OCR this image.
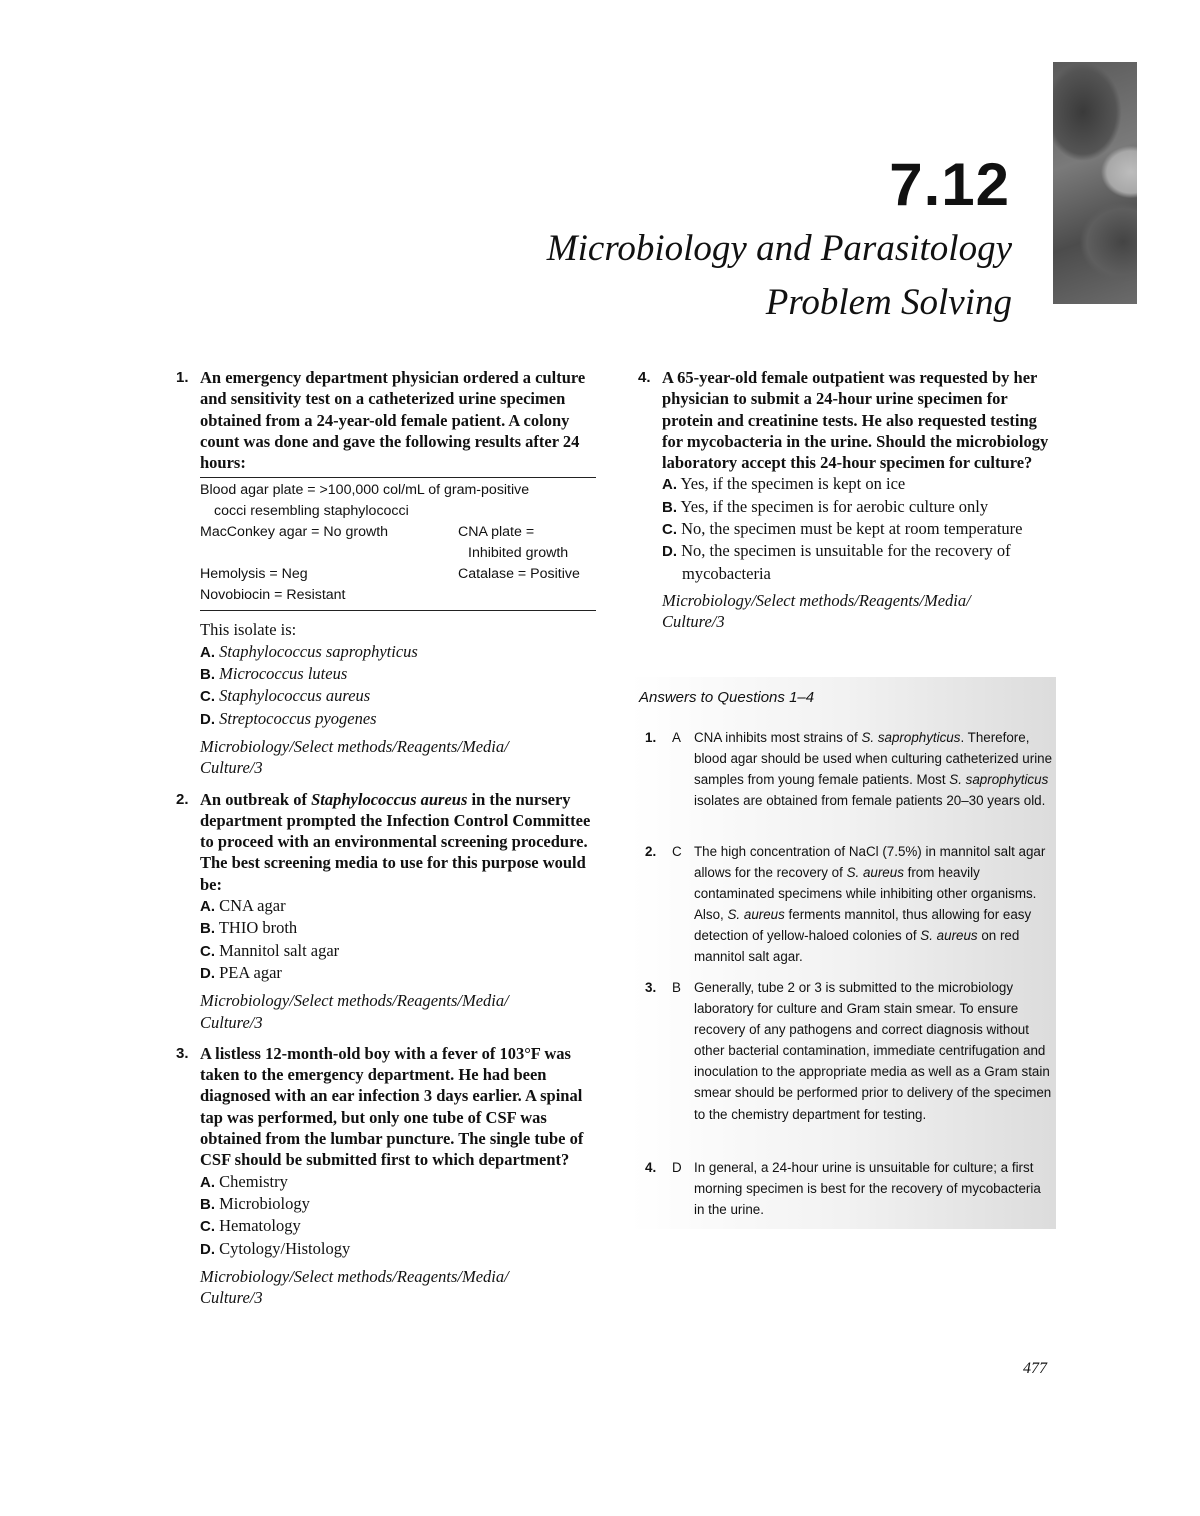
7.12
Microbiology and Parasitology
Problem Solving
1. An emergency department physician ordered a culture and sensitivity test on a catheterized urine specimen obtained from a 24-year-old female patient. A colony count was done and gave the following results after 24 hours:
Blood agar plate = >100,000 col/mL of gram-positive
cocci resembling staphylococci
MacConkey agar = No growth	CNA plate =
Inhibited growth
Hemolysis = Neg	Catalase = Positive
Novobiocin = Resistant
This isolate is:
A. Staphylococcus saprophyticus
B. Micrococcus luteus
C. Staphylococcus aureus
D. Streptococcus pyogenes
Microbiology/Select methods/Reagents/Media/
Culture/3
2. An outbreak of Staphylococcus aureus in the nursery department prompted the Infection Control Committee to proceed with an environmental screening procedure. The best screening media to use for this purpose would be:
A. CNA agar
B. THIO broth
C. Mannitol salt agar
D. PEA agar
Microbiology/Select methods/Reagents/Media/
Culture/3
3. A listless 12-month-old boy with a fever of 103°F was taken to the emergency department. He had been diagnosed with an ear infection 3 days earlier. A spinal tap was performed, but only one tube of CSF was obtained from the lumbar puncture. The single tube of CSF should be submitted first to which department?
A. Chemistry
B. Microbiology
C. Hematology
D. Cytology/Histology
Microbiology/Select methods/Reagents/Media/
Culture/3
4. A 65-year-old female outpatient was requested by her physician to submit a 24-hour urine specimen for protein and creatinine tests. He also requested testing for mycobacteria in the urine. Should the microbiology laboratory accept this 24-hour specimen for culture?
A. Yes, if the specimen is kept on ice
B. Yes, if the specimen is for aerobic culture only
C. No, the specimen must be kept at room temperature
D. No, the specimen is unsuitable for the recovery of mycobacteria
Microbiology/Select methods/Reagents/Media/
Culture/3
Answers to Questions 1–4
1. A CNA inhibits most strains of S. saprophyticus. Therefore, blood agar should be used when culturing catheterized urine samples from young female patients. Most S. saprophyticus isolates are obtained from female patients 20–30 years old.
2. C The high concentration of NaCl (7.5%) in mannitol salt agar allows for the recovery of S. aureus from heavily contaminated specimens while inhibiting other organisms. Also, S. aureus ferments mannitol, thus allowing for easy detection of yellow-haloed colonies of S. aureus on red mannitol salt agar.
3. B Generally, tube 2 or 3 is submitted to the microbiology laboratory for culture and Gram stain smear. To ensure recovery of any pathogens and correct diagnosis without other bacterial contamination, immediate centrifugation and inoculation to the appropriate media as well as a Gram stain smear should be performed prior to delivery of the specimen to the chemistry department for testing.
4. D In general, a 24-hour urine is unsuitable for culture; a first morning specimen is best for the recovery of mycobacteria in the urine.
477
